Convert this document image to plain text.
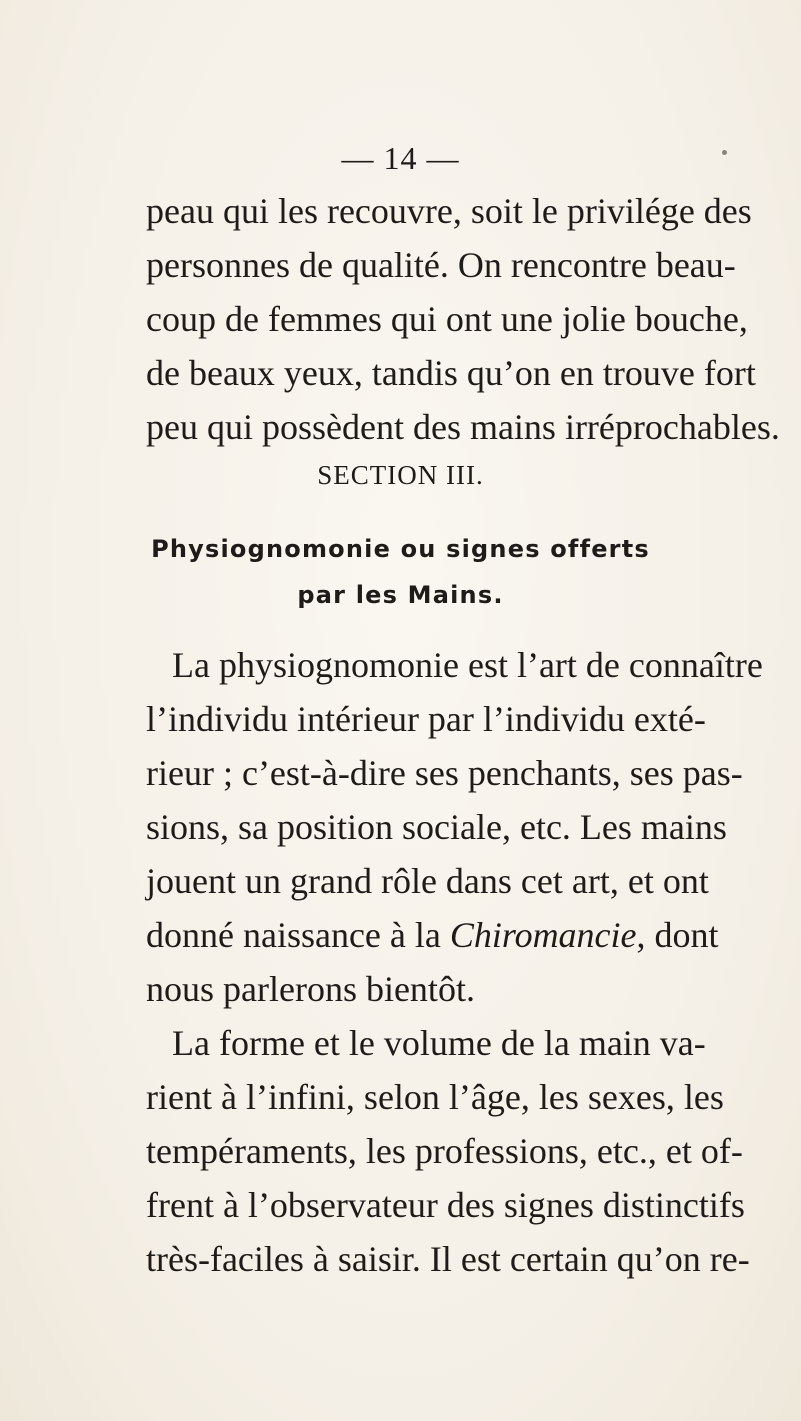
— 14 —
peau qui les recouvre, soit le privilége des
personnes de qualité. On rencontre beau-
coup de femmes qui ont une jolie bouche,
de beaux yeux, tandis qu’on en trouve fort
peu qui possèdent des mains irréprochables.
SECTION III.
Physiognomonie ou signes offerts
par les Mains.
La physiognomonie est l’art de connaître
l’individu intérieur par l’individu exté-
rieur ; c’est-à-dire ses penchants, ses pas-
sions, sa position sociale, etc. Les mains
jouent un grand rôle dans cet art, et ont
donné naissance à la Chiromancie, dont
nous parlerons bientôt.
La forme et le volume de la main va-
rient à l’infini, selon l’âge, les sexes, les
tempéraments, les professions, etc., et of-
frent à l’observateur des signes distinctifs
très-faciles à saisir. Il est certain qu’on re-
